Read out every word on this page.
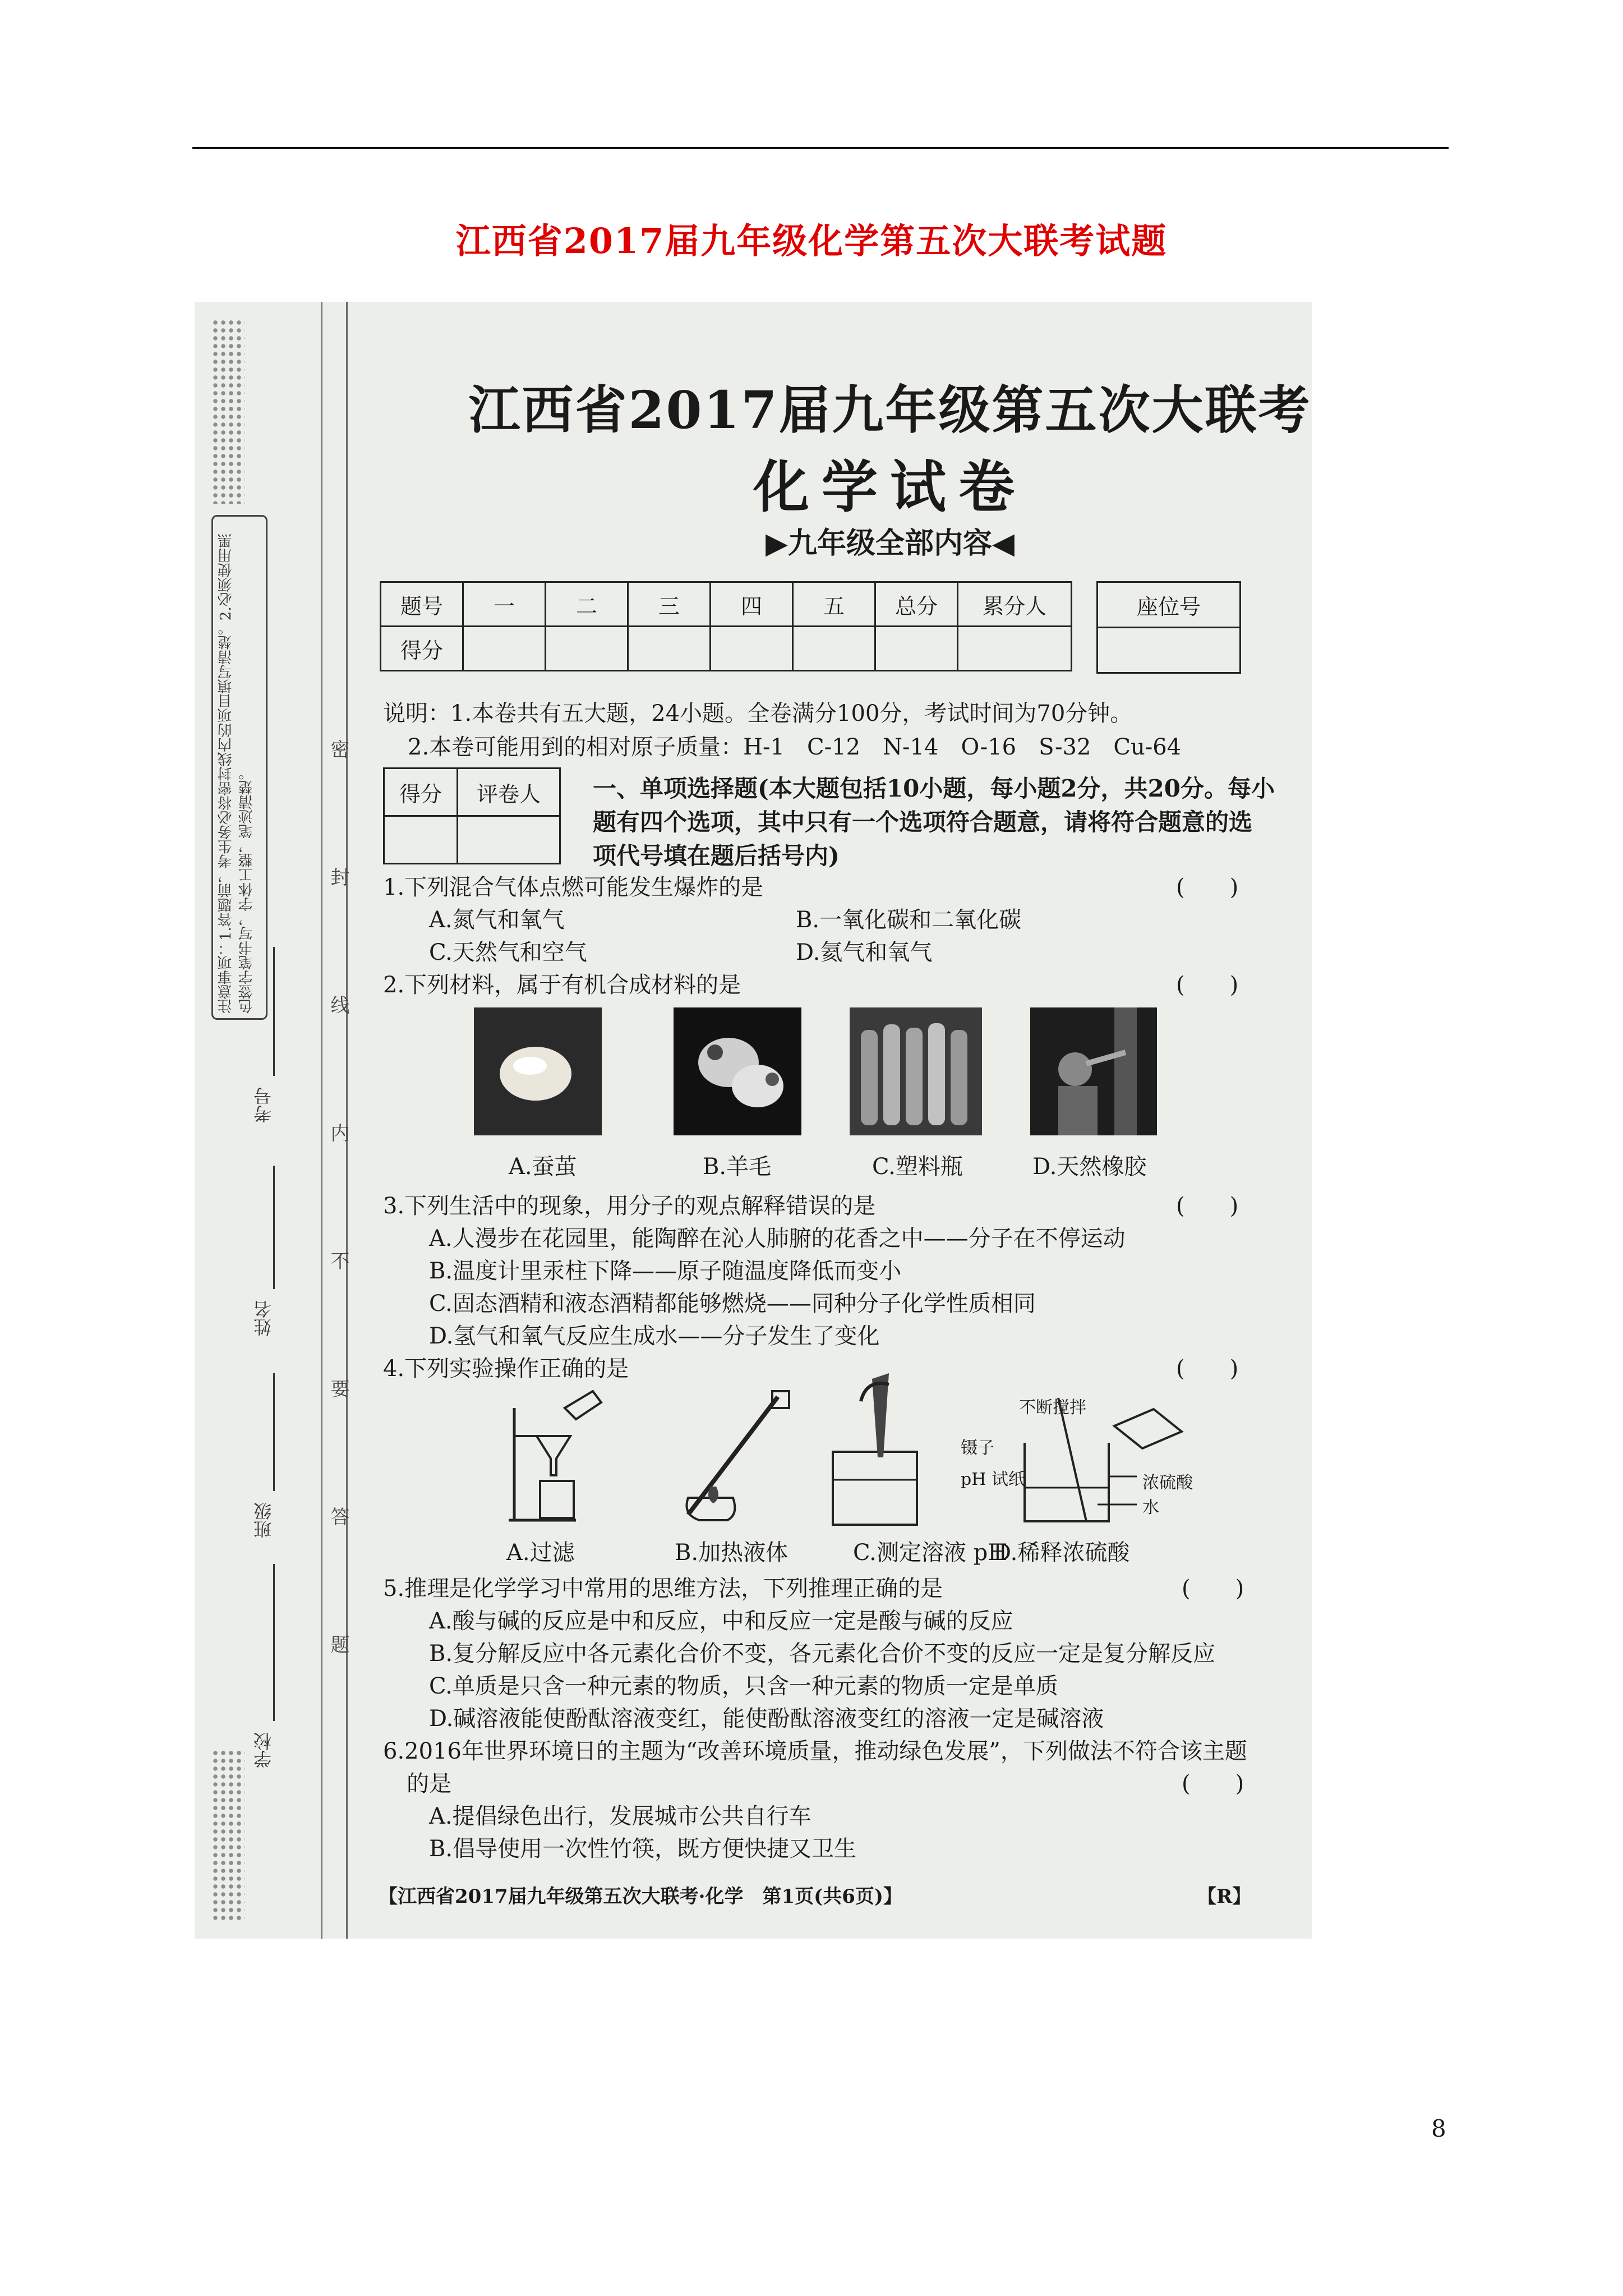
江西省2017届九年级化学第五次大联考试题
注意事项：1.答题前，考生务必将密封线内的项目填写清楚。2.必须使用黑色签字笔书写，字体工整，笔迹清楚。
考号
姓名
班级
学校
密　封　线　内　不　要　答　题
江西省2017届九年级第五次大联考
化学试卷
▶九年级全部内容◀
题号	一	二	三	四	五	总分	累分人
得分							
座位号

说明：1.本卷共有五大题，24小题。全卷满分100分，考试时间为70分钟。
2.本卷可能用到的相对原子质量：H-1　C-12　N-14　O-16　S-32　Cu-64
得分	评卷人
	一、单项选择题(本大题包括10小题，每小题2分，共20分。每小
题有四个选项，其中只有一个选项符合题意，请将符合题意的选
项代号填在题后括号内)
1.下列混合气体点燃可能发生爆炸的是	(　　)
A.氮气和氧气	B.一氧化碳和二氧化碳
C.天然气和空气	D.氦气和氧气
2.下列材料，属于有机合成材料的是	(　　)
A.蚕茧	B.羊毛	C.塑料瓶	D.天然橡胶
3.下列生活中的现象，用分子的观点解释错误的是	(　　)
A.人漫步在花园里，能陶醉在沁人肺腑的花香之中——分子在不停运动
B.温度计里汞柱下降——原子随温度降低而变小
C.固态酒精和液态酒精都能够燃烧——同种分子化学性质相同
D.氢气和氧气反应生成水——分子发生了变化
4.下列实验操作正确的是	(　　)
镊子
pH 试纸
不断搅拌
浓硫酸
水
A.过滤	B.加热液体	C.测定溶液 pH
D.稀释浓硫酸
5.推理是化学学习中常用的思维方法，下列推理正确的是	(　　)
A.酸与碱的反应是中和反应，中和反应一定是酸与碱的反应
B.复分解反应中各元素化合价不变，各元素化合价不变的反应一定是复分解反应
C.单质是只含一种元素的物质，只含一种元素的物质一定是单质
D.碱溶液能使酚酞溶液变红，能使酚酞溶液变红的溶液一定是碱溶液
6.2016年世界环境日的主题为“改善环境质量，推动绿色发展”，下列做法不符合该主题
的是	(　　)
A.提倡绿色出行，发展城市公共自行车
B.倡导使用一次性竹筷，既方便快捷又卫生
【江西省2017届九年级第五次大联考·化学　第1页(共6页)】	【R】
8
